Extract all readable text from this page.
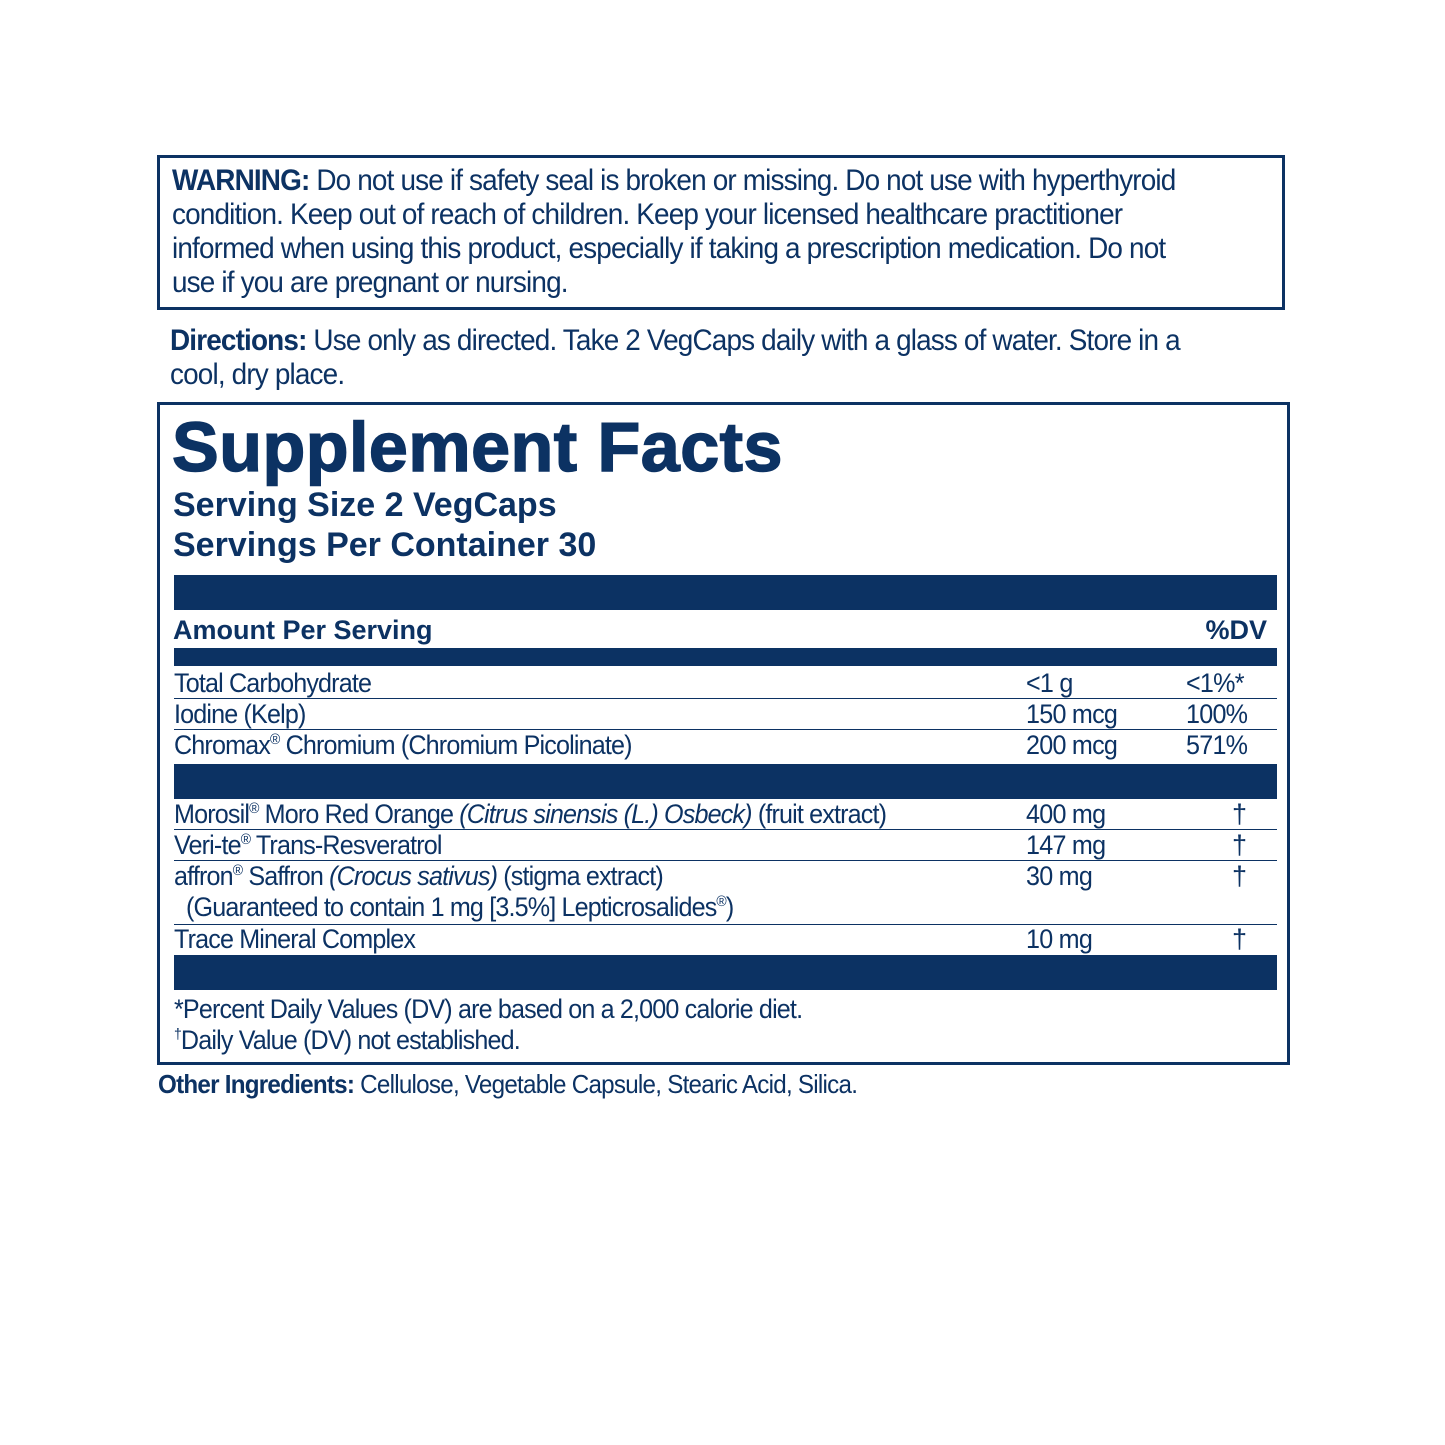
WARNING: Do not use if safety seal is broken or missing. Do not use with hyperthyroid condition. Keep out of reach of children. Keep your licensed healthcare practitioner informed when using this product, especially if taking a prescription medication. Do not use if you are pregnant or nursing.
Directions: Use only as directed. Take 2 VegCaps daily with a glass of water. Store in a cool, dry place.
Supplement Facts
Serving Size 2 VegCaps
Servings Per Container 30
Amount Per Serving	%DV
Total Carbohydrate	<1 g	<1%*
Iodine (Kelp)	150 mcg	100%
Chromax® Chromium (Chromium Picolinate)	200 mcg	571%
Morosil® Moro Red Orange (Citrus sinensis (L.) Osbeck) (fruit extract)	400 mg	†
Veri-te® Trans-Resveratrol	147 mg	†
affron® Saffron (Crocus sativus) (stigma extract)
(Guaranteed to contain 1 mg [3.5%] Lepticrosalides®)
30 mg	†
Trace Mineral Complex	10 mg	†
*Percent Daily Values (DV) are based on a 2,000 calorie diet.
†Daily Value (DV) not established.
Other Ingredients: Cellulose, Vegetable Capsule, Stearic Acid, Silica.
